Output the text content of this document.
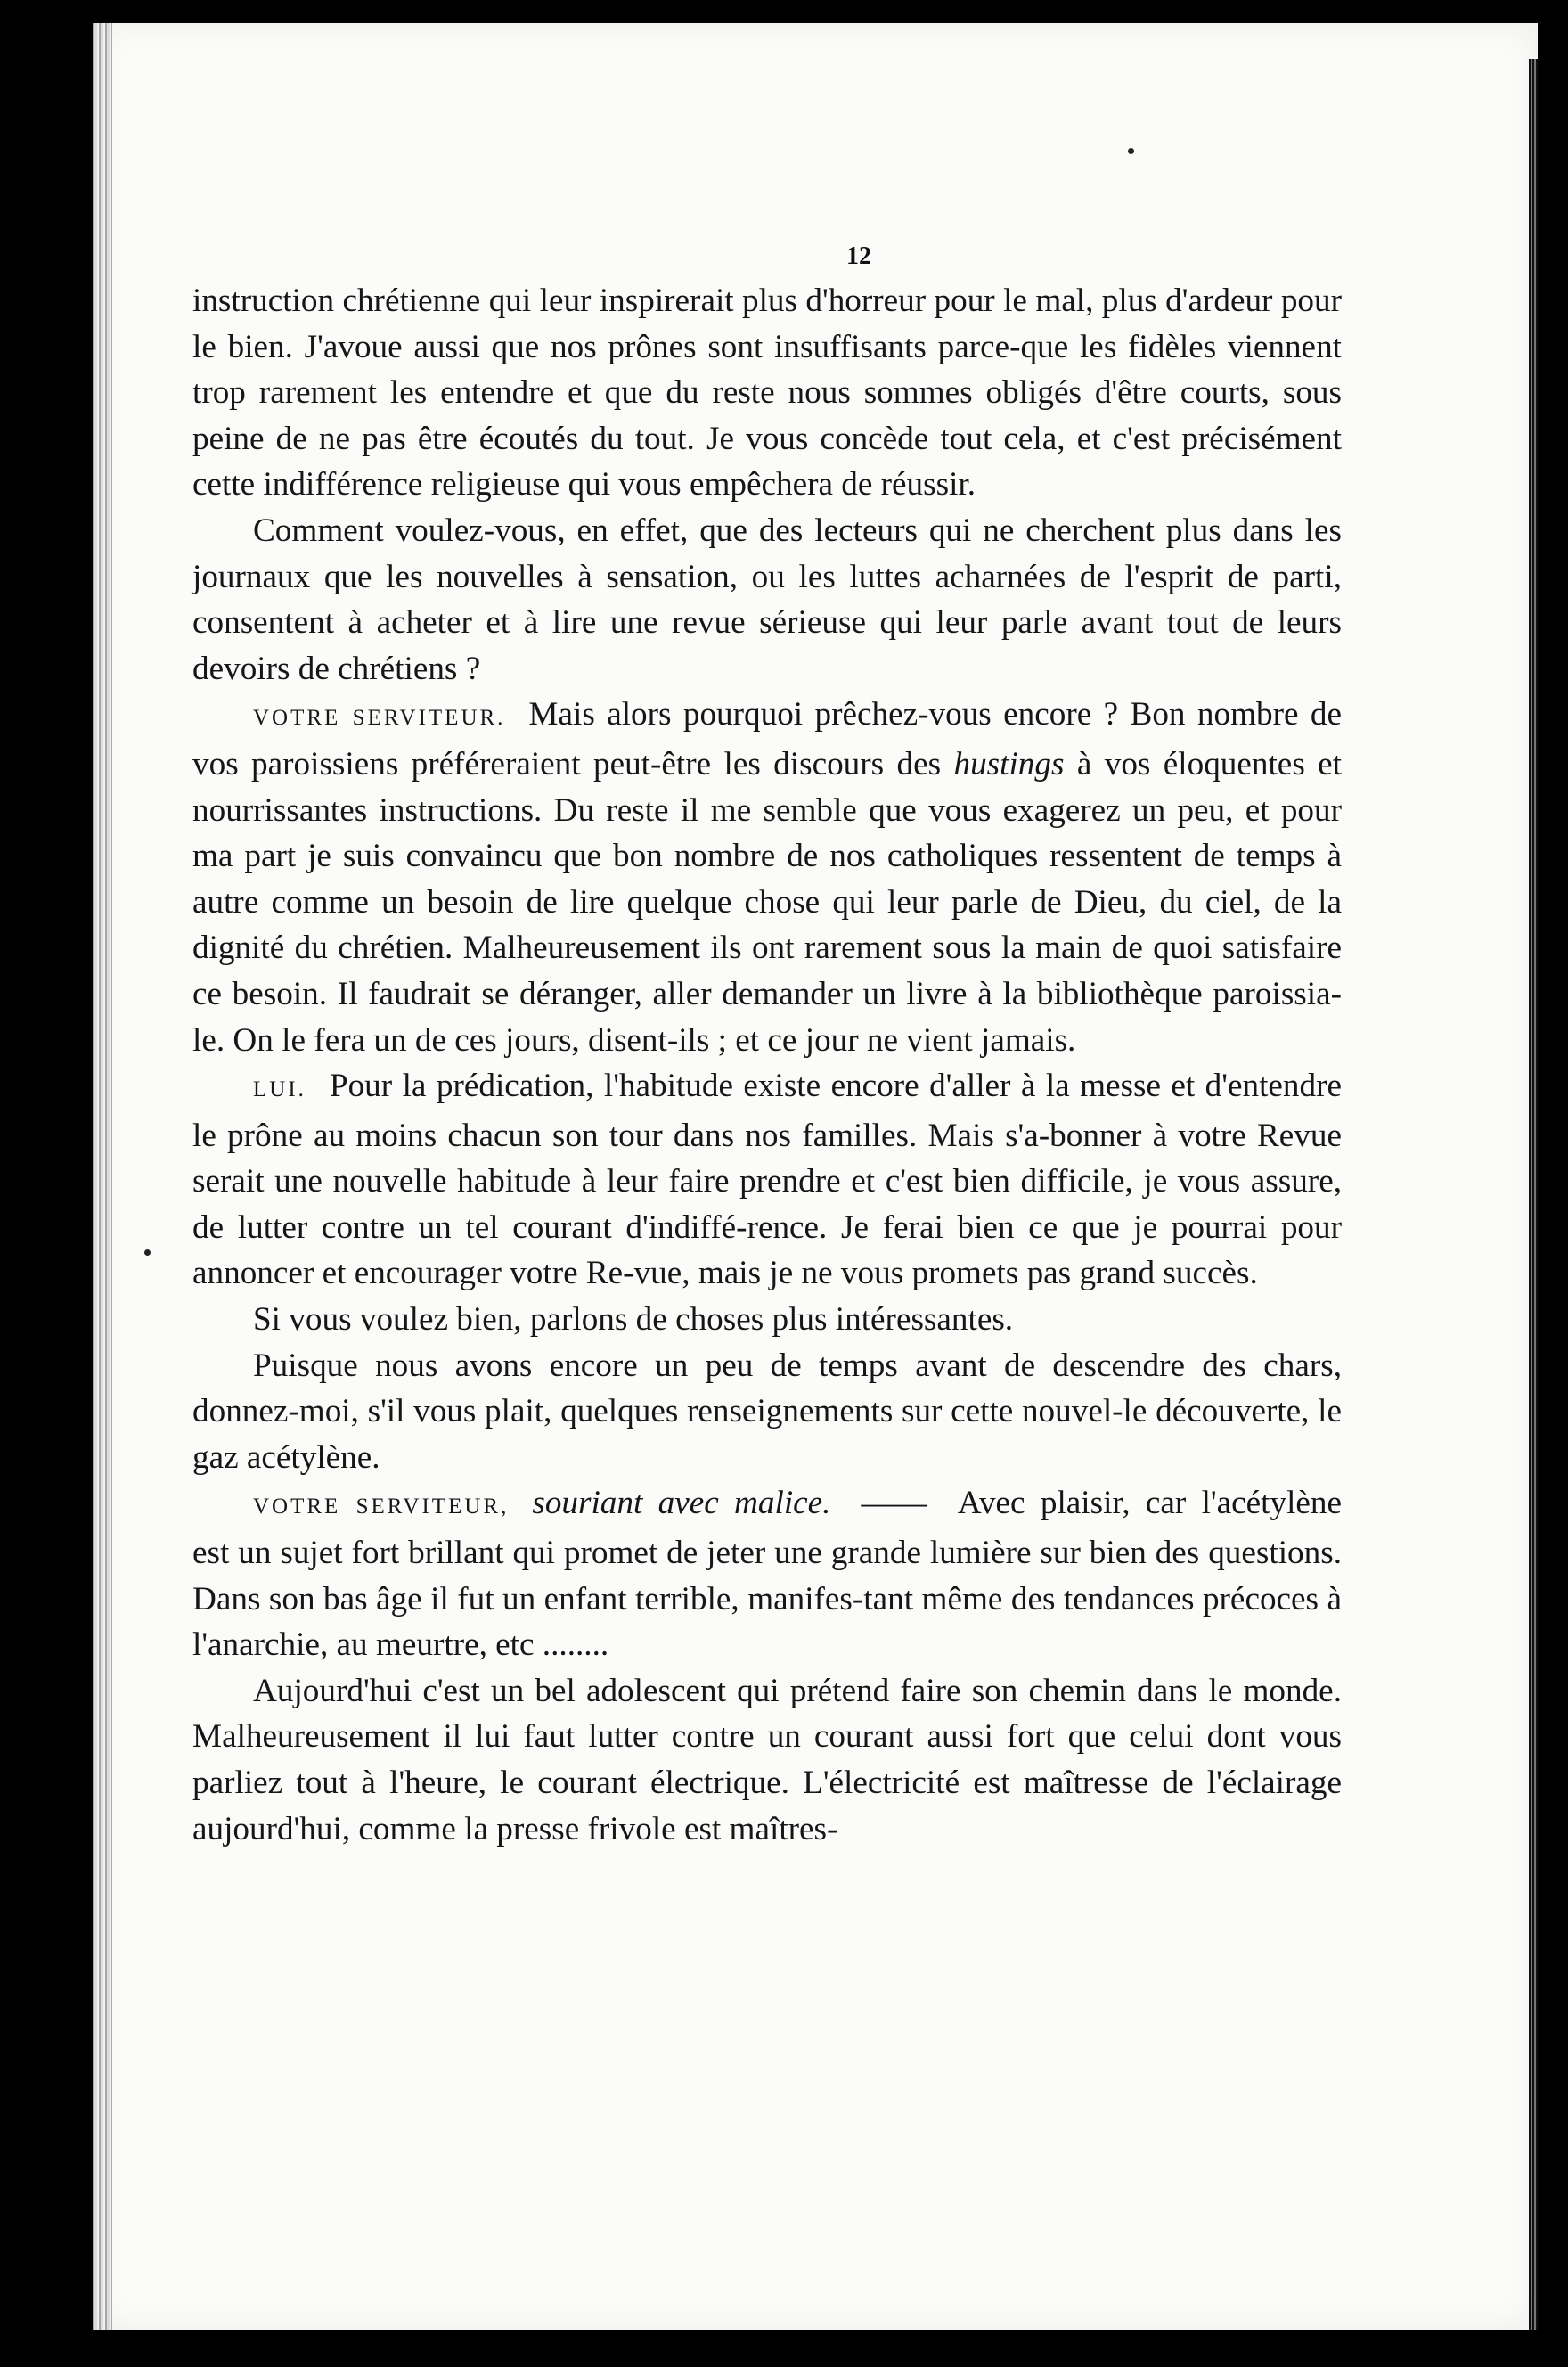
12

instruction chrétienne qui leur inspirerait plus d'horreur pour le mal, plus d'ardeur pour le bien. J'avoue aussi que nos prônes sont insuffisants parce-que les fidèles viennent trop rarement les entendre et que du reste nous sommes obligés d'être courts, sous peine de ne pas être écoutés du tout. Je vous concède tout cela, et c'est précisément cette indifférence religieuse qui vous empêchera de réussir.

Comment voulez-vous, en effet, que des lecteurs qui ne cherchent plus dans les journaux que les nouvelles à sensation, ou les luttes acharnées de l'esprit de parti, consentent à acheter et à lire une revue sérieuse qui leur parle avant tout de leurs devoirs de chrétiens ?

VOTRE SERVITEUR. Mais alors pourquoi prêchez-vous encore ? Bon nombre de vos paroissiens préféreraient peut-être les discours des hustings à vos éloquentes et nourrissantes instructions. Du reste il me semble que vous exagerez un peu, et pour ma part je suis convaincu que bon nombre de nos catholiques ressentent de temps à autre comme un besoin de lire quelque chose qui leur parle de Dieu, du ciel, de la dignité du chrétien. Malheureusement ils ont rarement sous la main de quoi satisfaire ce besoin. Il faudrait se déranger, aller demander un livre à la bibliothèque paroissia-le. On le fera un de ces jours, disent-ils ; et ce jour ne vient jamais.

LUI. Pour la prédication, l'habitude existe encore d'aller à la messe et d'entendre le prône au moins chacun son tour dans nos familles. Mais s'a-bonner à votre Revue serait une nouvelle habitude à leur faire prendre et c'est bien difficile, je vous assure, de lutter contre un tel courant d'indiffé-rence. Je ferai bien ce que je pourrai pour annoncer et encourager votre Re-vue, mais je ne vous promets pas grand succès.

Si vous voulez bien, parlons de choses plus intéressantes.

Puisque nous avons encore un peu de temps avant de descendre des chars, donnez-moi, s'il vous plait, quelques renseignements sur cette nouvel-le découverte, le gaz acétylène.

VOTRE SERVITEUR, souriant avec malice. —— Avec plaisir, car l'acétylène est un sujet fort brillant qui promet de jeter une grande lumière sur bien des questions. Dans son bas âge il fut un enfant terrible, manifes-tant même des tendances précoces à l'anarchie, au meurtre, etc ........

Aujourd'hui c'est un bel adolescent qui prétend faire son chemin dans le monde. Malheureusement il lui faut lutter contre un courant aussi fort que celui dont vous parliez tout à l'heure, le courant électrique. L'électricité est maîtresse de l'éclairage aujourd'hui, comme la presse frivole est maîtres-
